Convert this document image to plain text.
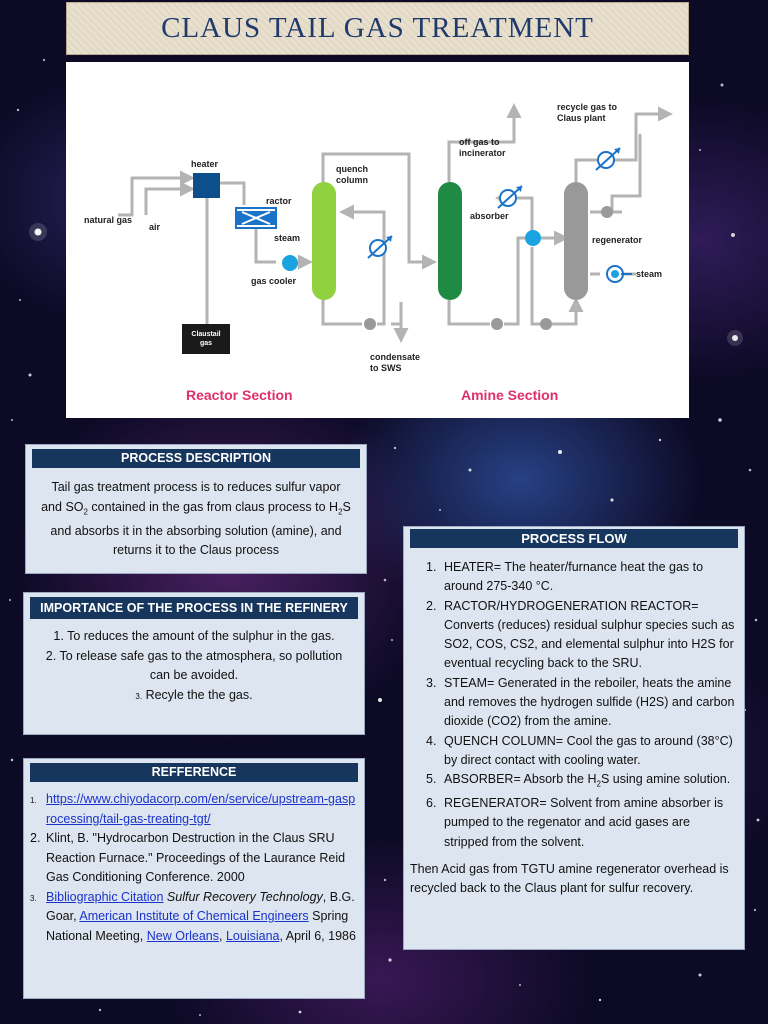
CLAUS TAIL GAS TREATMENT
heater
natural gas
air
ractor
steam
gas cooler
Claustail
gas
quench
column
condensate
to SWS
off gas to
incinerator
absorber
recycle gas to
Claus plant
regenerator
steam
Reactor Section	Amine Section
PROCESS DESCRIPTION
Tail gas treatment process is to reduces sulfur vapor
and $SO_2$ contained in the gas from claus process to $H_2S$
and absorbs it in the absorbing solution (amine), and
returns it to the Claus process
IMPORTANCE OF THE PROCESS IN THE REFINERY
1. To reduces the amount of the sulphur in the gas.
2. To release safe gas to the atmosphera, so pollution can be avoided.
3. Recyle the the gas.
REFFERENCE
1. https://www.chiyodacorp.com/en/service/upstream-gasprocessing/tail-gas-treating-tgt/
2. Klint, B. "Hydrocarbon Destruction in the Claus SRU Reaction Furnace." Proceedings of the Laurance Reid Gas Conditioning Conference. 2000
3. Bibliographic Citation Sulfur Recovery Technology, B.G. Goar, American Institute of Chemical Engineers Spring National Meeting, New Orleans, Louisiana, April 6, 1986
PROCESS FLOW
1. HEATER= The heater/furnance heat the gas to around 275-340 °C.
2. RACTOR/HYDROGENERATION REACTOR= Converts (reduces) residual sulphur species such as SO2, COS, CS2, and elemental sulphur into H2S for eventual recycling back to the SRU.
3. STEAM= Generated in the reboiler, heats the amine and removes the hydrogen sulfide (H2S) and carbon dioxide (CO2) from the amine.
4. QUENCH COLUMN= Cool the gas to around (38°C) by direct contact with cooling water.
5. ABSORBER= Absorb the $H_2S$ using amine solution.
6. REGENERATOR= Solvent from amine absorber is pumped to the regenator and acid gases are stripped from the solvent.
Then Acid gas from TGTU amine regenerator overhead is recycled back to the Claus plant for sulfur recovery.
